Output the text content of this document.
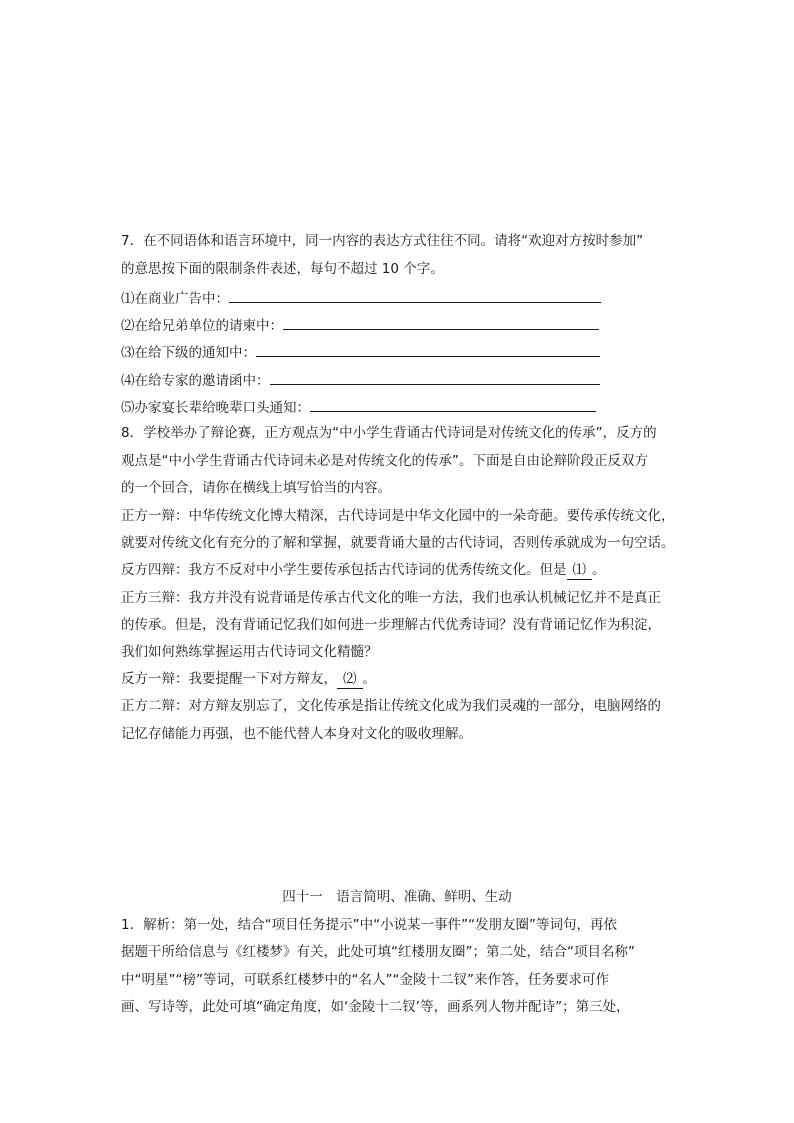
7．在不同语体和语言环境中，同一内容的表达方式往往不同。请将“欢迎对方按时参加”
的意思按下面的限制条件表述，每句不超过 10 个字。
⑴在商业广告中：
⑵在给兄弟单位的请柬中：
⑶在给下级的通知中：
⑷在给专家的邀请函中：
⑸办家宴长辈给晚辈口头通知：
8．学校举办了辩论赛，正方观点为“中小学生背诵古代诗词是对传统文化的传承”，反方的
观点是“中小学生背诵古代诗词未必是对传统文化的传承”。下面是自由论辩阶段正反双方
的一个回合，请你在横线上填写恰当的内容。
正方一辩：中华传统文化博大精深，古代诗词是中华文化园中的一朵奇葩。要传承传统文化，
就要对传统文化有充分的了解和掌握，就要背诵大量的古代诗词，否则传承就成为一句空话。
反方四辩：我方不反对中小学生要传承包括古代诗词的优秀传统文化。但是 ⑴ 。
正方三辩：我方并没有说背诵是传承古代文化的唯一方法，我们也承认机械记忆并不是真正
的传承。但是，没有背诵记忆我们如何进一步理解古代优秀诗词？没有背诵记忆作为积淀，
我们如何熟练掌握运用古代诗词文化精髓？
反方一辩：我要提醒一下对方辩友， ⑵ 。
正方二辩：对方辩友别忘了，文化传承是指让传统文化成为我们灵魂的一部分，电脑网络的
记忆存储能力再强，也不能代替人本身对文化的吸收理解。
四十一　语言简明、准确、鲜明、生动
1．解析：第一处，结合“项目任务提示”中“小说某一事件”“发朋友圈”等词句，再依
据题干所给信息与《红楼梦》有关，此处可填“红楼朋友圈”；第二处，结合“项目名称”
中“明星”“榜”等词，可联系红楼梦中的“名人”“金陵十二钗”来作答，任务要求可作
画、写诗等，此处可填“确定角度，如‘金陵十二钗’等，画系列人物并配诗”；第三处，
